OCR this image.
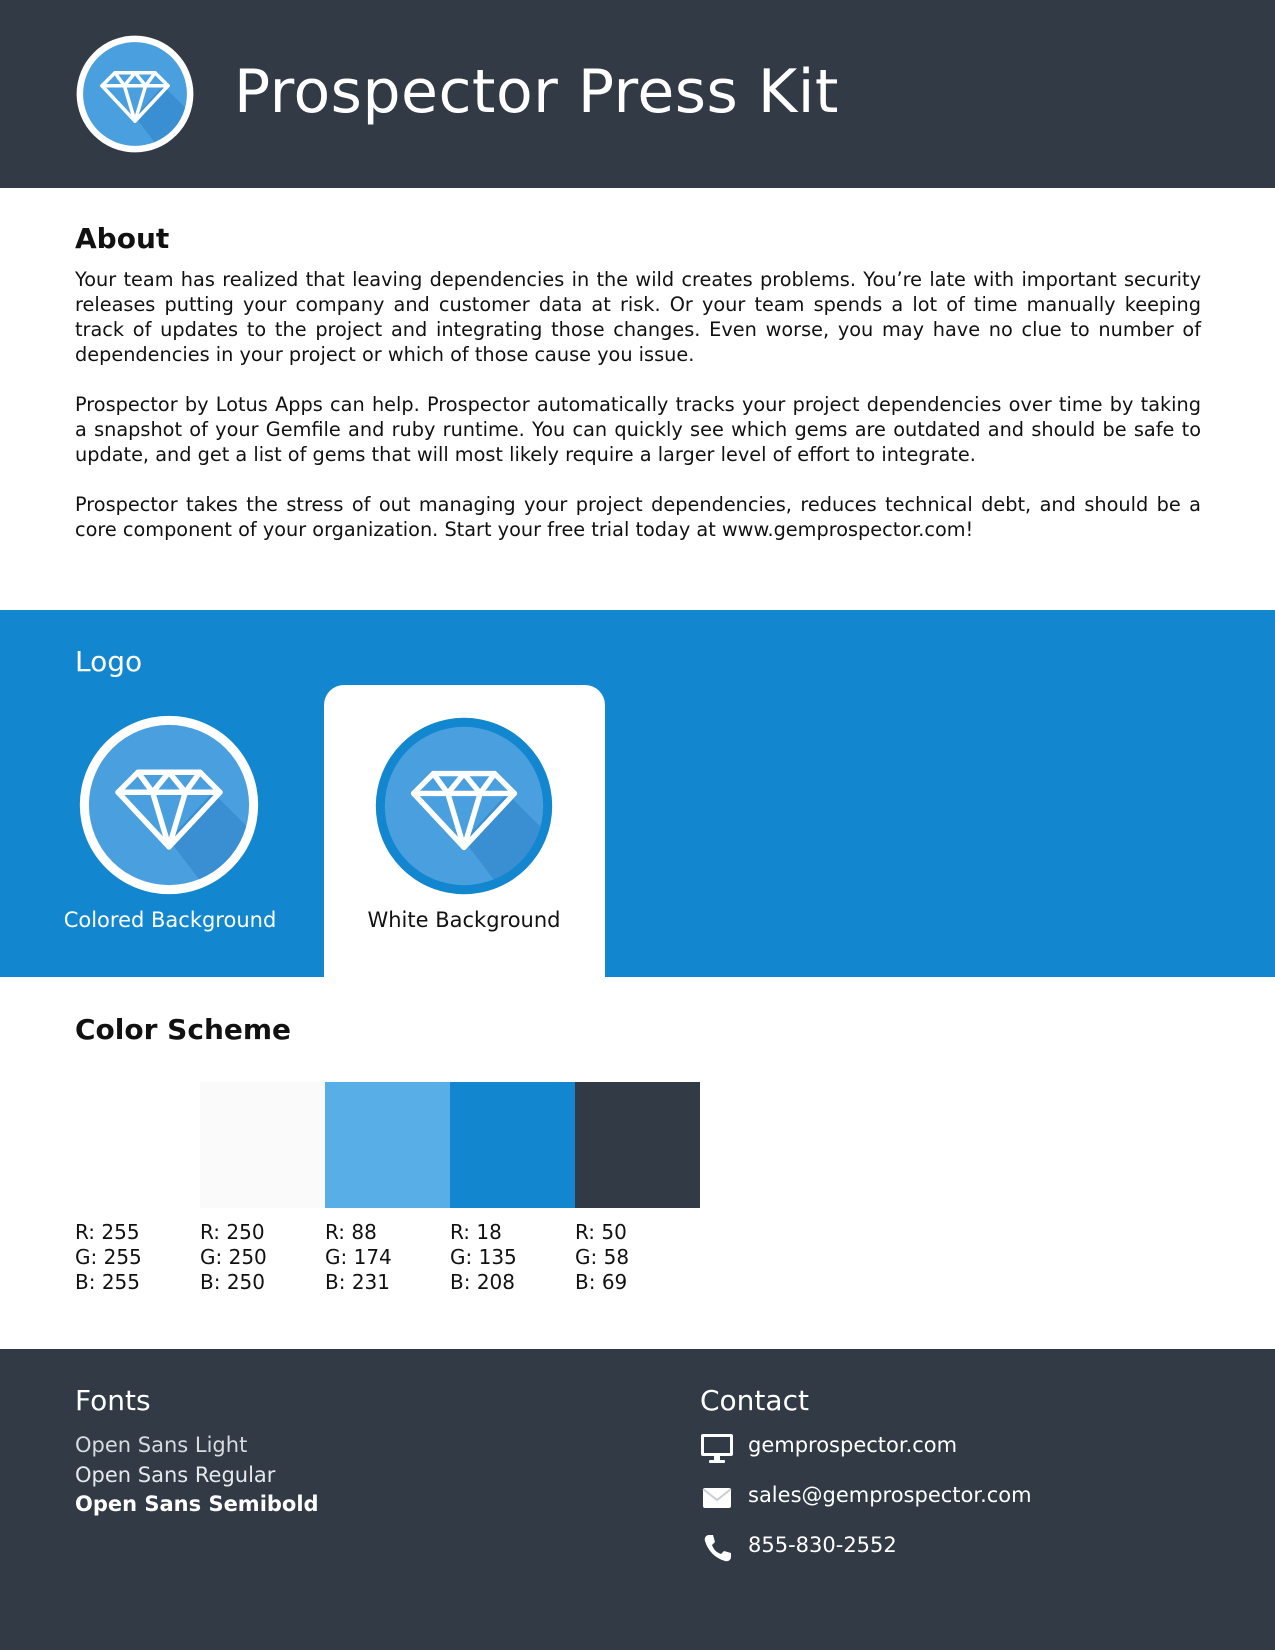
Prospector Press Kit
About

Your team has realized that leaving dependencies in the wild creates problems. You’re late with important security releases putting your company and customer data at risk. Or your team spends a lot of time manually keeping track of updates to the project and integrating those changes. Even worse, you may have no clue to number of dependencies in your project or which of those cause you issue.

Prospector by Lotus Apps can help. Prospector automatically tracks your project dependencies over time by taking a snapshot of your Gemfile and ruby runtime. You can quickly see which gems are outdated and should be safe to update, and get a list of gems that will most likely require a larger level of effort to integrate.

Prospector takes the stress of out managing your project dependencies, reduces technical debt, and should be a core component of your organization. Start your free trial today at www.gemprospector.com!

Logo
Colored Background	White Background
Color Scheme
R: 255
G: 255
B: 255
R: 250
G: 250
B: 250
R: 88
G: 174
B: 231
R: 18
G: 135
B: 208
R: 50
G: 58
B: 69
Fonts
Open Sans Light
Open Sans Regular
Open Sans Semibold
Contact
gemprospector.com
sales@gemprospector.com
855-830-2552
